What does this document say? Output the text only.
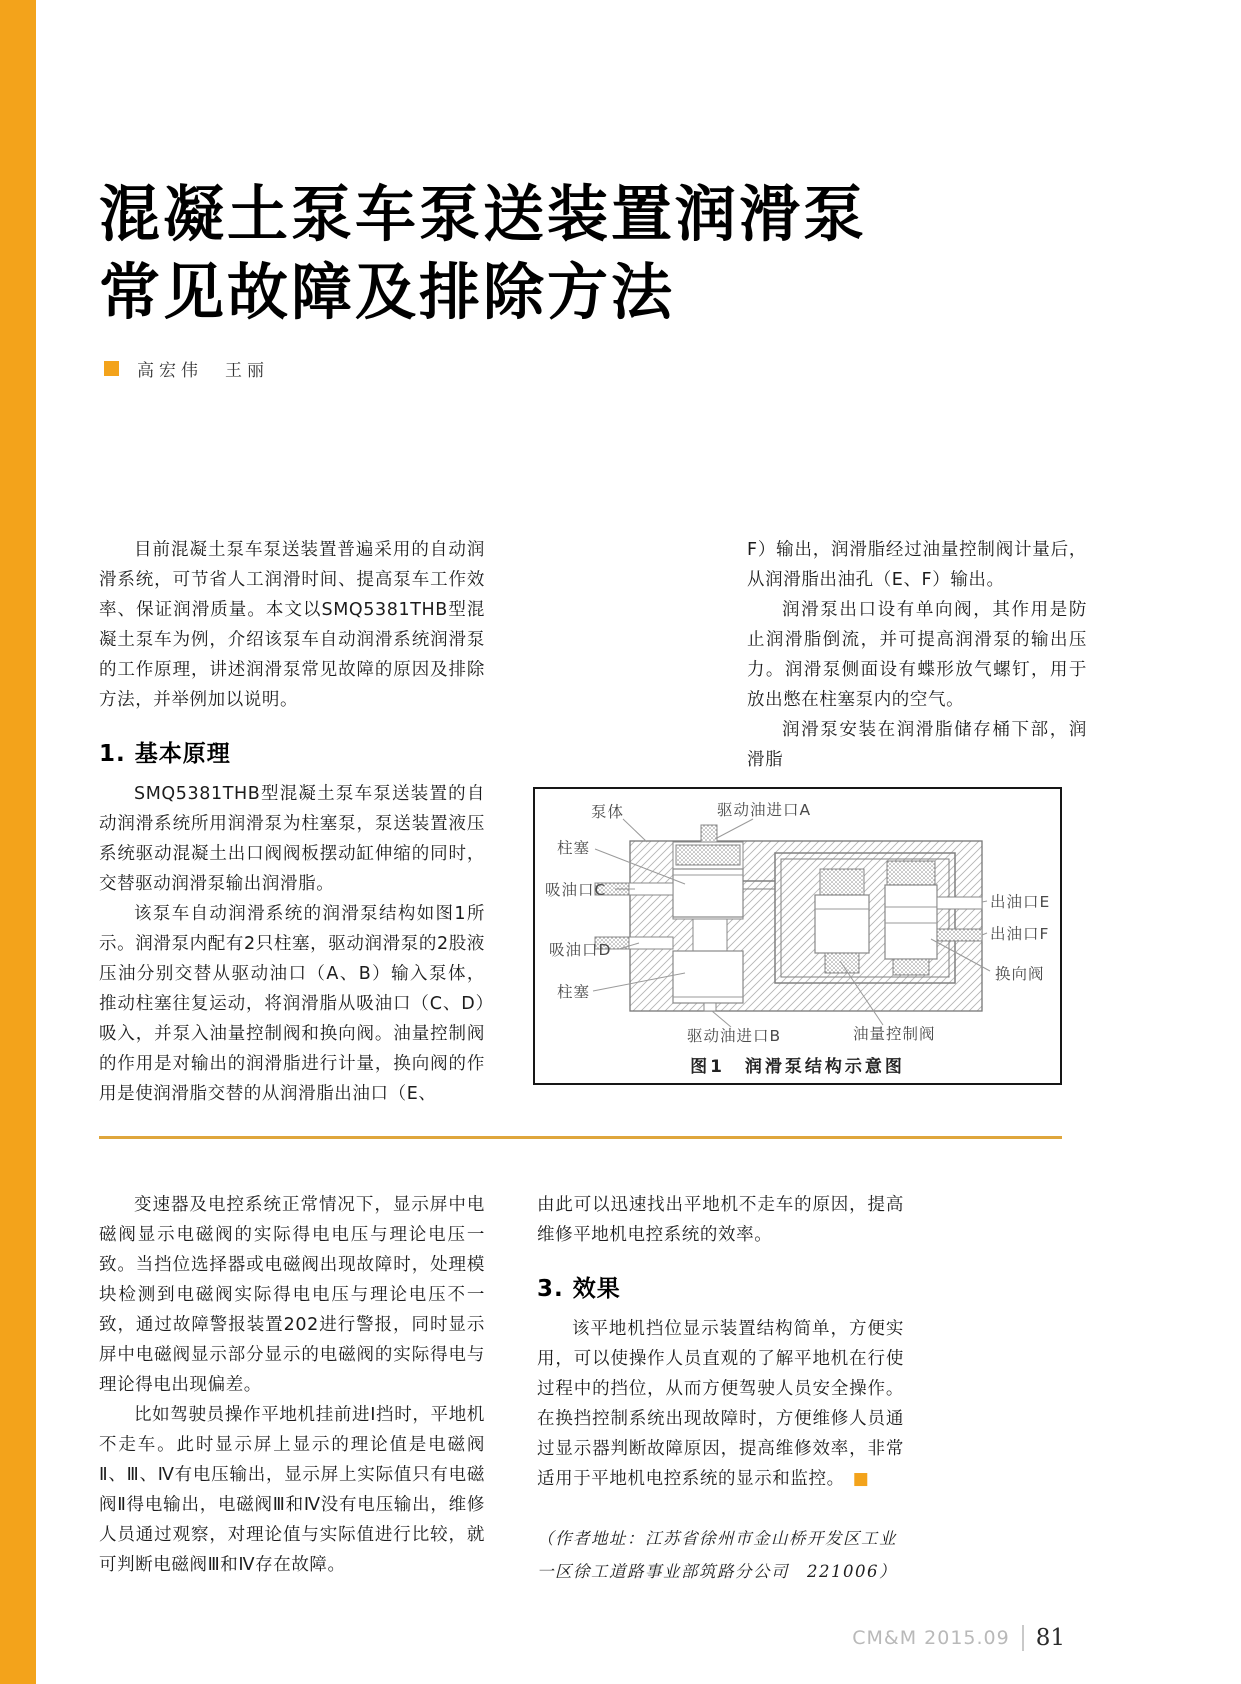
混凝土泵车泵送装置润滑泵
常见故障及排除方法
高宏伟　王丽

目前混凝土泵车泵送装置普遍采用的自动润滑系统，可节省人工润滑时间、提高泵车工作效率、保证润滑质量。本文以SMQ5381THB型混凝土泵车为例，介绍该泵车自动润滑系统润滑泵的工作原理，讲述润滑泵常见故障的原因及排除方法，并举例加以说明。

1. 基本原理

SMQ5381THB型混凝土泵车泵送装置的自动润滑系统所用润滑泵为柱塞泵，泵送装置液压系统驱动混凝土出口阀阀板摆动缸伸缩的同时，交替驱动润滑泵输出润滑脂。

该泵车自动润滑系统的润滑泵结构如图1所示。润滑泵内配有2只柱塞，驱动润滑泵的2股液压油分别交替从驱动油口（A、B）输入泵体，推动柱塞往复运动，将润滑脂从吸油口（C、D）吸入，并泵入油量控制阀和换向阀。油量控制阀的作用是对输出的润滑脂进行计量，换向阀的作用是使润滑脂交替的从润滑脂出油口（E、

F）输出，润滑脂经过油量控制阀计量后，从润滑脂出油孔（E、F）输出。

润滑泵出口设有单向阀，其作用是防止润滑脂倒流，并可提高润滑泵的输出压力。润滑泵侧面设有蝶形放气螺钉，用于放出憋在柱塞泵内的空气。

润滑泵安装在润滑脂储存桶下部，润滑脂

泵体	驱动油进口A
柱塞
吸油口C
吸油口D
柱塞
出油口E
出油口F
换向阀
驱动油进口B	油量控制阀
图1　润滑泵结构示意图

变速器及电控系统正常情况下，显示屏中电磁阀显示电磁阀的实际得电电压与理论电压一致。当挡位选择器或电磁阀出现故障时，处理模块检测到电磁阀实际得电电压与理论电压不一致，通过故障警报装置202进行警报，同时显示屏中电磁阀显示部分显示的电磁阀的实际得电与理论得电出现偏差。

比如驾驶员操作平地机挂前进Ⅰ挡时，平地机不走车。此时显示屏上显示的理论值是电磁阀Ⅱ、Ⅲ、Ⅳ有电压输出，显示屏上实际值只有电磁阀Ⅱ得电输出，电磁阀Ⅲ和Ⅳ没有电压输出，维修人员通过观察，对理论值与实际值进行比较，就可判断电磁阀Ⅲ和Ⅳ存在故障。

由此可以迅速找出平地机不走车的原因，提高维修平地机电控系统的效率。

3. 效果

该平地机挡位显示装置结构简单，方便实用，可以使操作人员直观的了解平地机在行使过程中的挡位，从而方便驾驶人员安全操作。在换挡控制系统出现故障时，方便维修人员通过显示器判断故障原因，提高维修效率，非常适用于平地机电控系统的显示和监控。 ■

（作者地址：江苏省徐州市金山桥开发区工业一区徐工道路事业部筑路分公司　221006）

CM&M 2015.09 81
